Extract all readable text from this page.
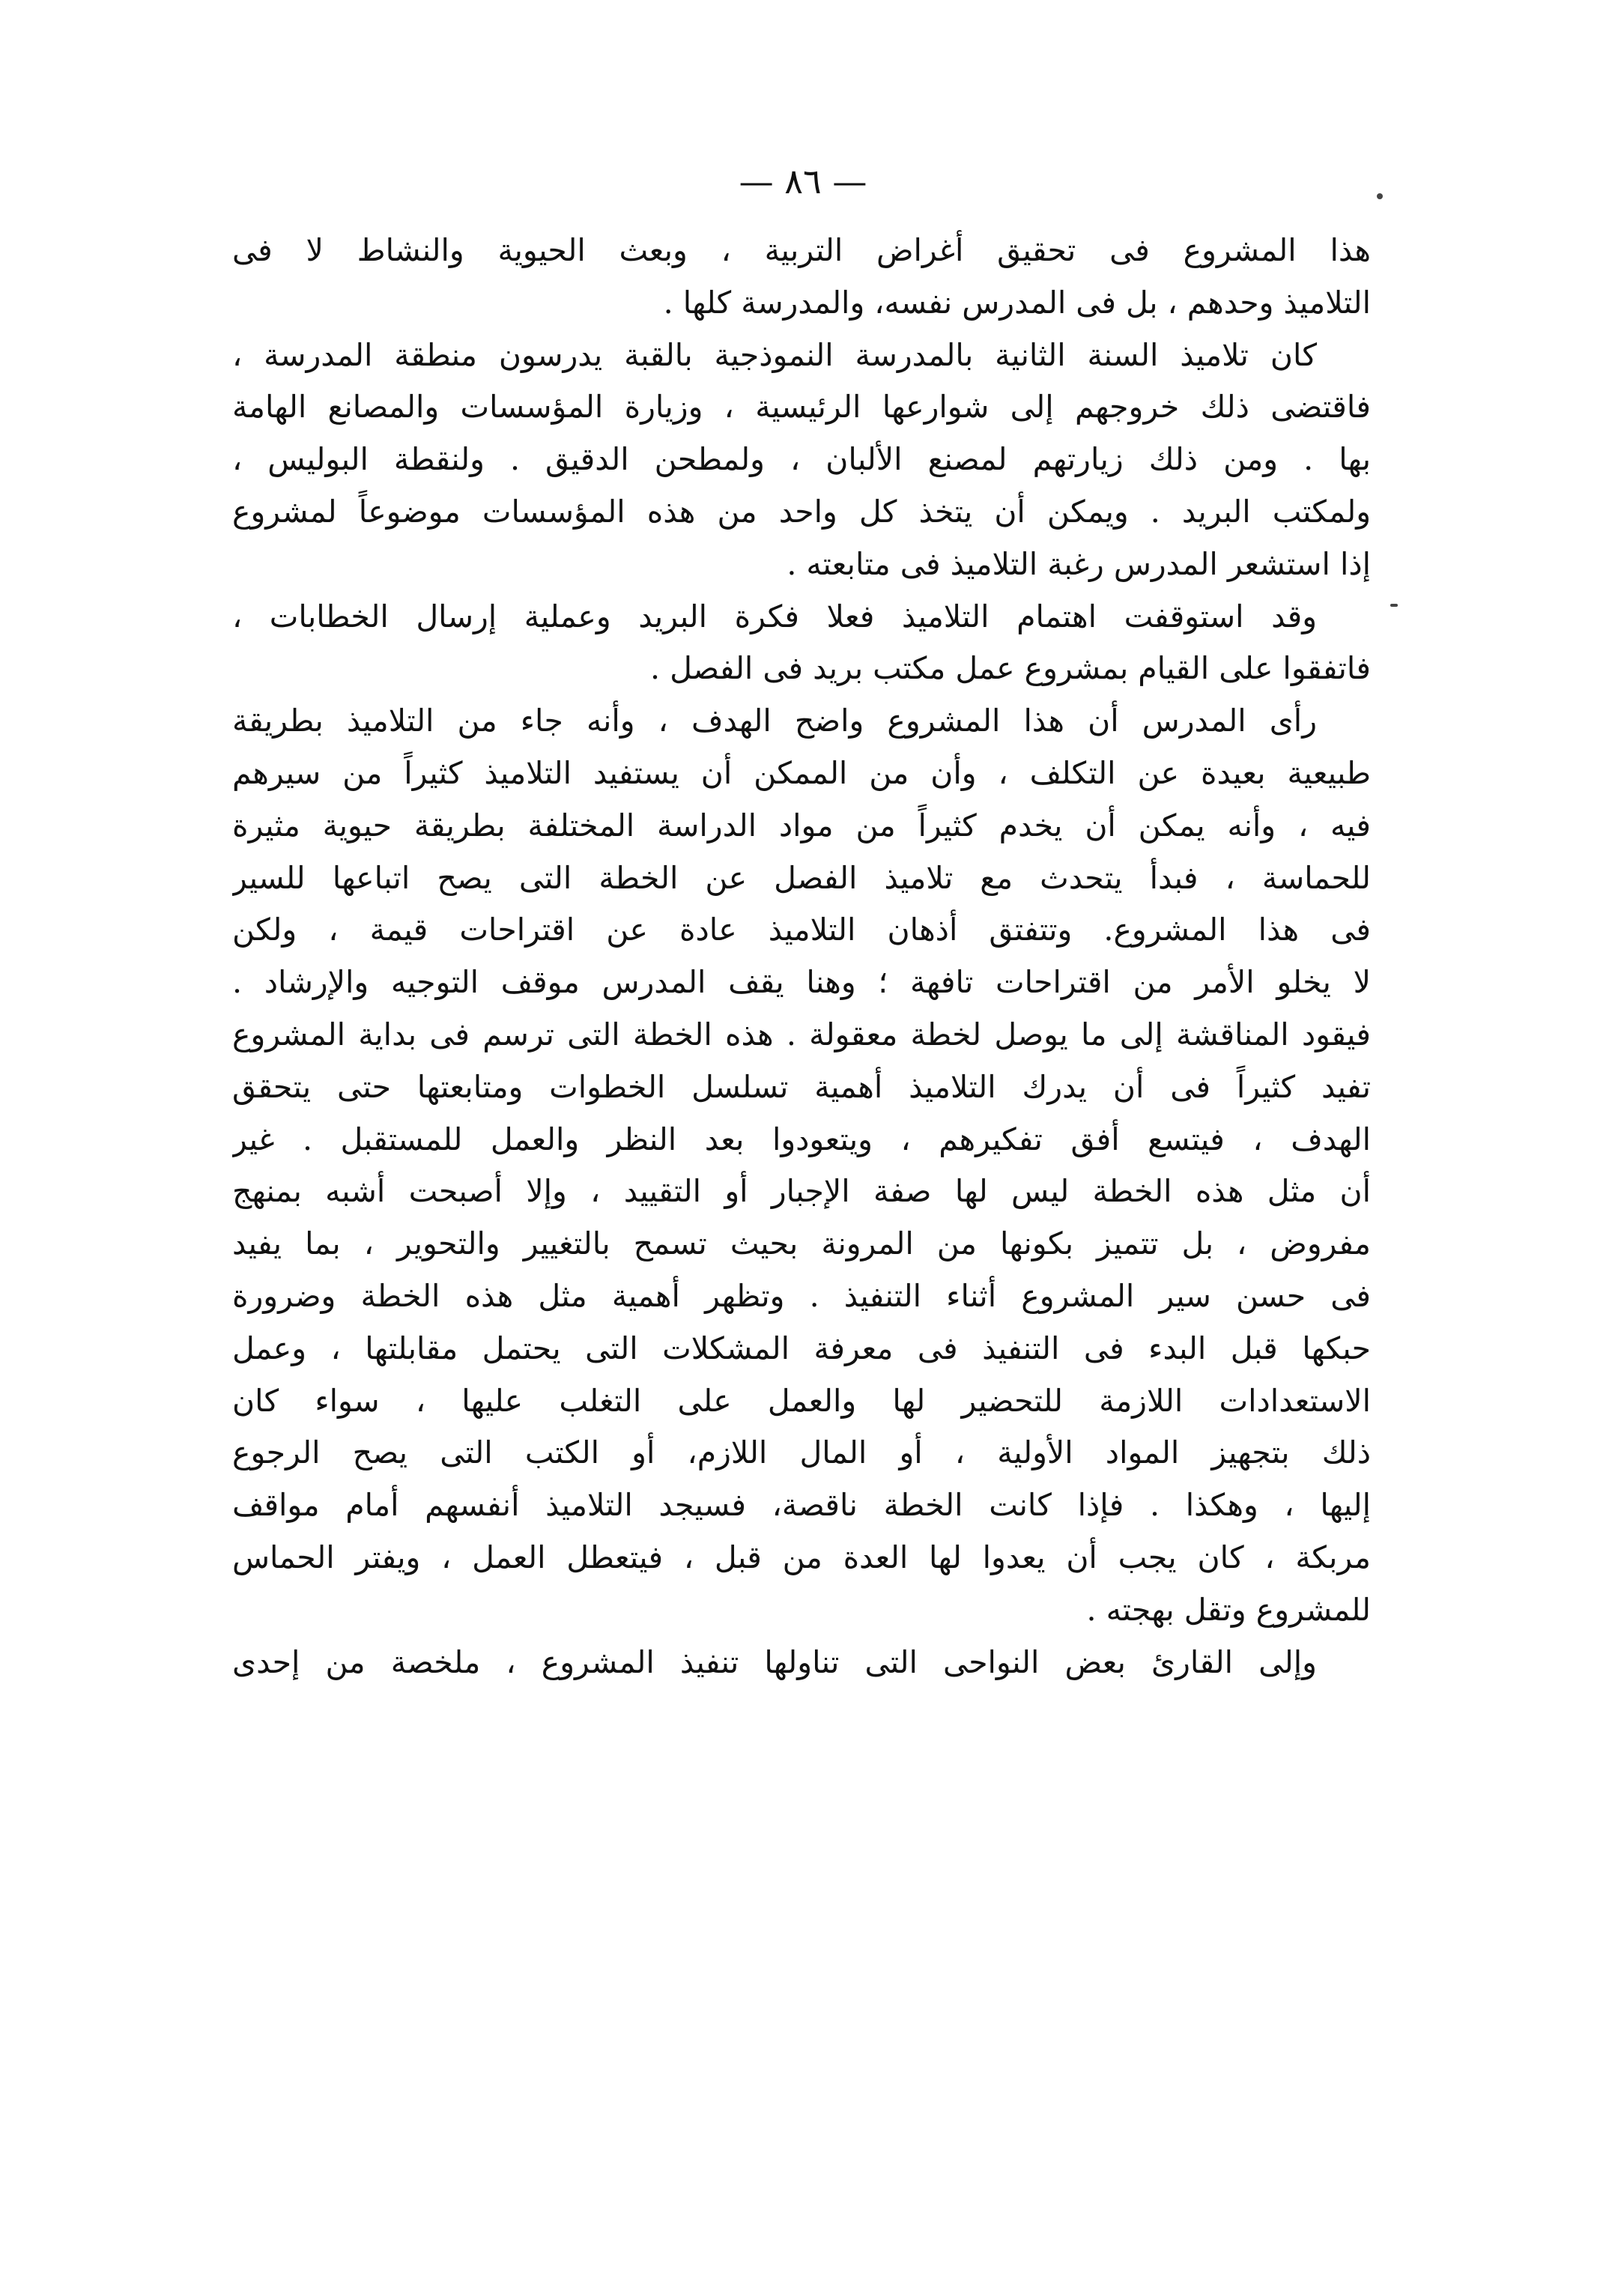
— ٨٦ —
هذا المشروع فى تحقيق أغراض التربية ، وبعث الحيوية والنشاط لا فى
التلاميذ وحدهم ، بل فى المدرس نفسه، والمدرسة كلها .
كان تلاميذ السنة الثانية بالمدرسة النموذجية بالقبة يدرسون منطقة المدرسة ،
فاقتضى ذلك خروجهم إلى شوارعها الرئيسية ، وزيارة المؤسسات والمصانع الهامة
بها . ومن ذلك زيارتهم لمصنع الألبان ، ولمطحن الدقيق . ولنقطة البوليس ،
ولمكتب البريد . ويمكن أن يتخذ كل واحد من هذه المؤسسات موضوعاً لمشروع
إذا استشعر المدرس رغبة التلاميذ فى متابعته .
وقد استوقفت اهتمام التلاميذ فعلا فكرة البريد وعملية إرسال الخطابات ،
فاتفقوا على القيام بمشروع عمل مكتب بريد فى الفصل .
رأى المدرس أن هذا المشروع واضح الهدف ، وأنه جاء من التلاميذ بطريقة
طبيعية بعيدة عن التكلف ، وأن من الممكن أن يستفيد التلاميذ كثيراً من سيرهم
فيه ، وأنه يمكن أن يخدم كثيراً من مواد الدراسة المختلفة بطريقة حيوية مثيرة
للحماسة ، فبدأ يتحدث مع تلاميذ الفصل عن الخطة التى يصح اتباعها للسير
فى هذا المشروع. وتتفتق أذهان التلاميذ عادة عن اقتراحات قيمة ، ولكن
لا يخلو الأمر من اقتراحات تافهة ؛ وهنا يقف المدرس موقف التوجيه والإرشاد .
فيقود المناقشة إلى ما يوصل لخطة معقولة . هذه الخطة التى ترسم فى بداية المشروع
تفيد كثيراً فى أن يدرك التلاميذ أهمية تسلسل الخطوات ومتابعتها حتى يتحقق
الهدف ، فيتسع أفق تفكيرهم ، ويتعودوا بعد النظر والعمل للمستقبل . غير
أن مثل هذه الخطة ليس لها صفة الإجبار أو التقييد ، وإلا أصبحت أشبه بمنهج
مفروض ، بل تتميز بكونها من المرونة بحيث تسمح بالتغيير والتحوير ، بما يفيد
فى حسن سير المشروع أثناء التنفيذ . وتظهر أهمية مثل هذه الخطة وضرورة
حبكها قبل البدء فى التنفيذ فى معرفة المشكلات التى يحتمل مقابلتها ، وعمل
الاستعدادات اللازمة للتحضير لها والعمل على التغلب عليها ، سواء كان
ذلك بتجهيز المواد الأولية ، أو المال اللازم، أو الكتب التى يصح الرجوع
إليها ، وهكذا . فإذا كانت الخطة ناقصة، فسيجد التلاميذ أنفسهم أمام مواقف
مربكة ، كان يجب أن يعدوا لها العدة من قبل ، فيتعطل العمل ، ويفتر الحماس
للمشروع وتقل بهجته .
وإلى القارئ بعض النواحى التى تناولها تنفيذ المشروع ، ملخصة من إحدى
